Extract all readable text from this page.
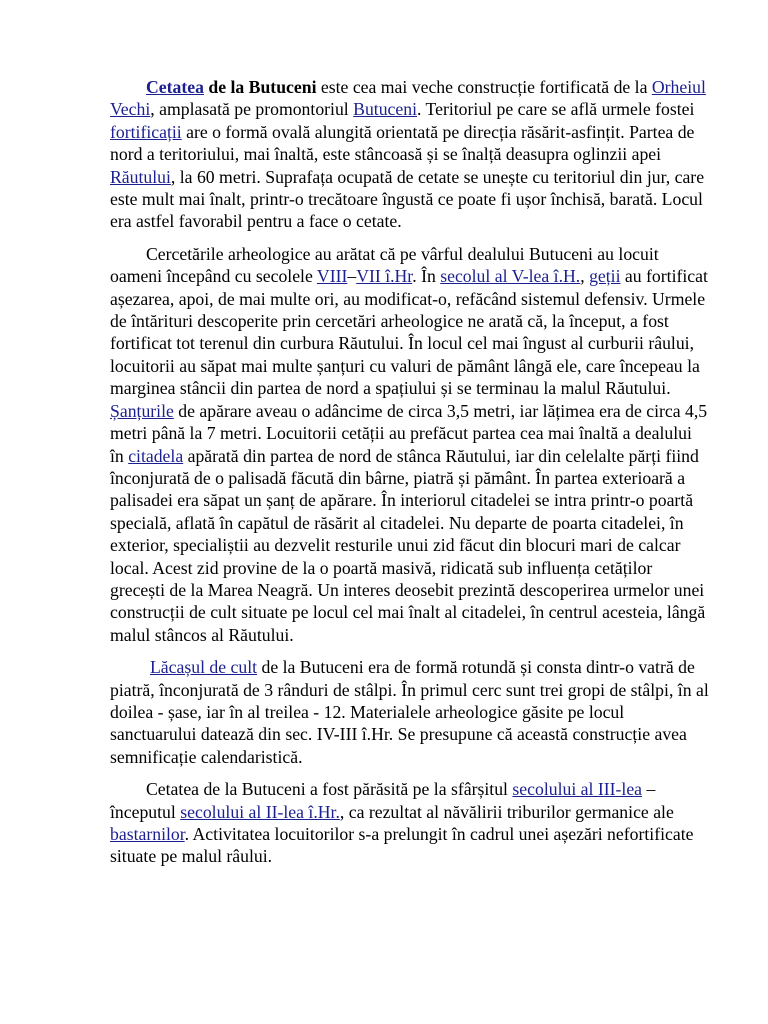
Cetatea de la Butuceni este cea mai veche construcție fortificată de la Orheiul Vechi, amplasată pe promontoriul Butuceni. Teritoriul pe care se află urmele fostei fortificații are o formă ovală alungită orientată pe direcția răsărit-asfințit. Partea de nord a teritoriului, mai înaltă, este stâncoasă și se înalță deasupra oglinzii apei Răutului, la 60 metri. Suprafața ocupată de cetate se unește cu teritoriul din jur, care este mult mai înalt, printr-o trecătoare îngustă ce poate fi ușor închisă, barată. Locul era astfel favorabil pentru a face o cetate.

Cercetările arheologice au arătat că pe vârful dealului Butuceni au locuit oameni începând cu secolele VIII–VII î.Hr. În secolul al V-lea î.H., geții au fortificat așezarea, apoi, de mai multe ori, au modificat-o, refăcând sistemul defensiv. Urmele de întărituri descoperite prin cercetări arheologice ne arată că, la început, a fost fortificat tot terenul din curbura Răutului. În locul cel mai îngust al curburii râului, locuitorii au săpat mai multe șanțuri cu valuri de pământ lângă ele, care începeau la marginea stâncii din partea de nord a spațiului și se terminau la malul Răutului. Șanțurile de apărare aveau o adâncime de circa 3,5 metri, iar lățimea era de circa 4,5 metri până la 7 metri. Locuitorii cetății au prefăcut partea cea mai înaltă a dealului în citadela apărată din partea de nord de stânca Răutului, iar din celelalte părți fiind înconjurată de o palisadă făcută din bârne, piatră și pământ. În partea exterioară a palisadei era săpat un șanț de apărare. În interiorul citadelei se intra printr-o poartă specială, aflată în capătul de răsărit al citadelei. Nu departe de poarta citadelei, în exterior, specialiștii au dezvelit resturile unui zid făcut din blocuri mari de calcar local. Acest zid provine de la o poartă masivă, ridicată sub influența cetăților grecești de la Marea Neagră. Un interes deosebit prezintă descoperirea urmelor unei construcții de cult situate pe locul cel mai înalt al citadelei, în centrul acesteia, lângă malul stâncos al Răutului.

Lăcașul de cult de la Butuceni era de formă rotundă și consta dintr-o vatră de piatră, înconjurată de 3 rânduri de stâlpi. În primul cerc sunt trei gropi de stâlpi, în al doilea - șase, iar în al treilea - 12. Materialele arheologice găsite pe locul sanctuarului datează din sec. IV-III î.Hr. Se presupune că această construcție avea semnificație calendaristică.

Cetatea de la Butuceni a fost părăsită pe la sfârșitul secolului al III-lea – începutul secolului al II-lea î.Hr., ca rezultat al năvălirii triburilor germanice ale bastarnilor. Activitatea locuitorilor s-a prelungit în cadrul unei așezări nefortificate situate pe malul râului.
